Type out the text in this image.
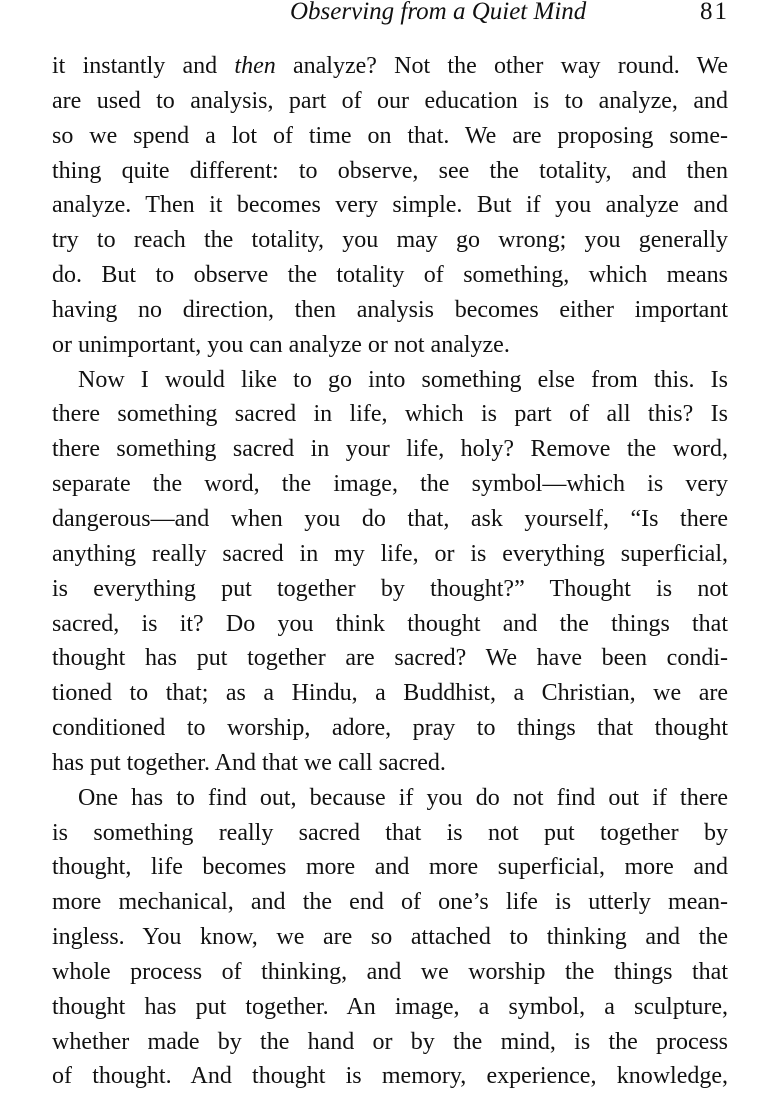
Observing from a Quiet Mind	81
it instantly and then analyze? Not the other way round. We
are used to analysis, part of our education is to analyze, and
so we spend a lot of time on that. We are proposing some-
thing quite different: to observe, see the totality, and then
analyze. Then it becomes very simple. But if you analyze and
try to reach the totality, you may go wrong; you generally
do. But to observe the totality of something, which means
having no direction, then analysis becomes either important
or unimportant, you can analyze or not analyze.
Now I would like to go into something else from this. Is
there something sacred in life, which is part of all this? Is
there something sacred in your life, holy? Remove the word,
separate the word, the image, the symbol—which is very
dangerous—and when you do that, ask yourself, “Is there
anything really sacred in my life, or is everything superficial,
is everything put together by thought?” Thought is not
sacred, is it? Do you think thought and the things that
thought has put together are sacred? We have been condi-
tioned to that; as a Hindu, a Buddhist, a Christian, we are
conditioned to worship, adore, pray to things that thought
has put together. And that we call sacred.
One has to find out, because if you do not find out if there
is something really sacred that is not put together by
thought, life becomes more and more superficial, more and
more mechanical, and the end of one’s life is utterly mean-
ingless. You know, we are so attached to thinking and the
whole process of thinking, and we worship the things that
thought has put together. An image, a symbol, a sculpture,
whether made by the hand or by the mind, is the process
of thought. And thought is memory, experience, knowledge,
